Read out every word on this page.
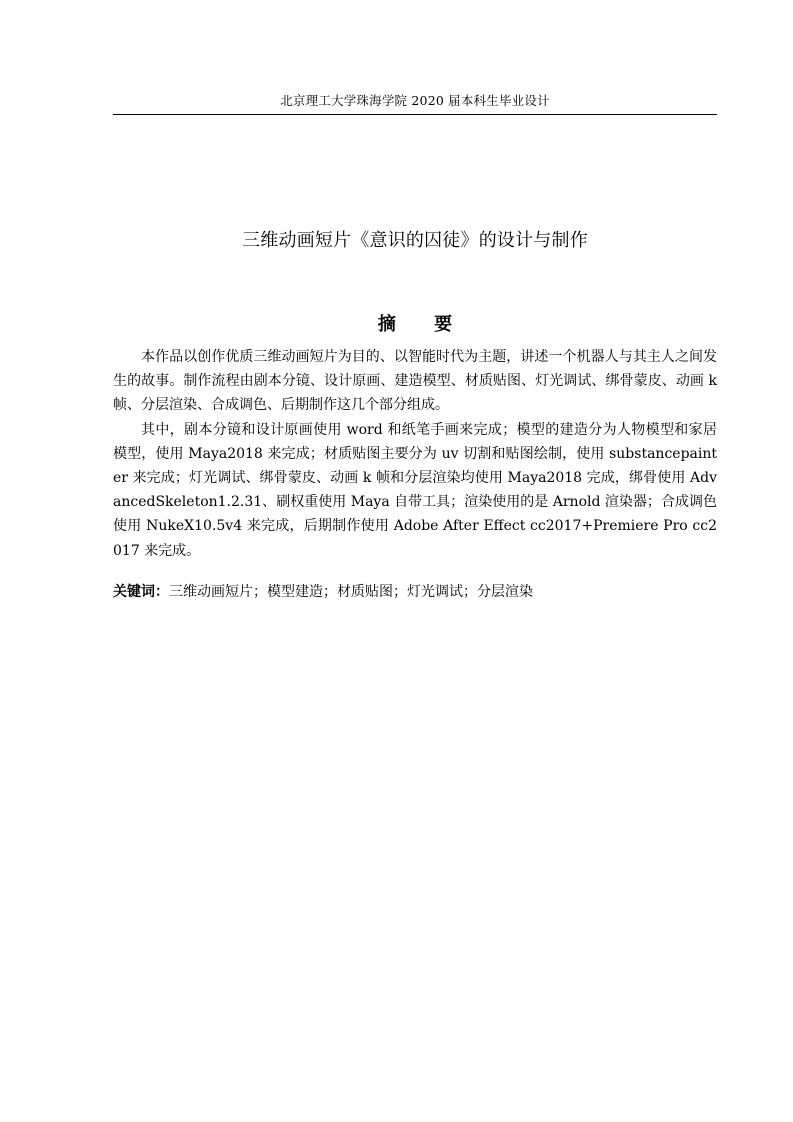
北京理工大学珠海学院 2020 届本科生毕业设计
三维动画短片《意识的囚徒》的设计与制作
摘 要

本作品以创作优质三维动画短片为目的、以智能时代为主题，讲述一个机器人与其主人之间发生的故事。制作流程由剧本分镜、设计原画、建造模型、材质贴图、灯光调试、绑骨蒙皮、动画 k 帧、分层渲染、合成调色、后期制作这几个部分组成。

其中，剧本分镜和设计原画使用 word 和纸笔手画来完成；模型的建造分为人物模型和家居模型，使用 Maya2018 来完成；材质贴图主要分为 uv 切割和贴图绘制，使用 substancepainter 来完成；灯光调试、绑骨蒙皮、动画 k 帧和分层渲染均使用 Maya2018 完成，绑骨使用 AdvancedSkeleton1.2.31、刷权重使用 Maya 自带工具；渲染使用的是 Arnold 渲染器；合成调色使用 NukeX10.5v4 来完成，后期制作使用 Adobe After Effect cc2017+Premiere Pro cc2017 来完成。

关键词：三维动画短片；模型建造；材质贴图；灯光调试；分层渲染
